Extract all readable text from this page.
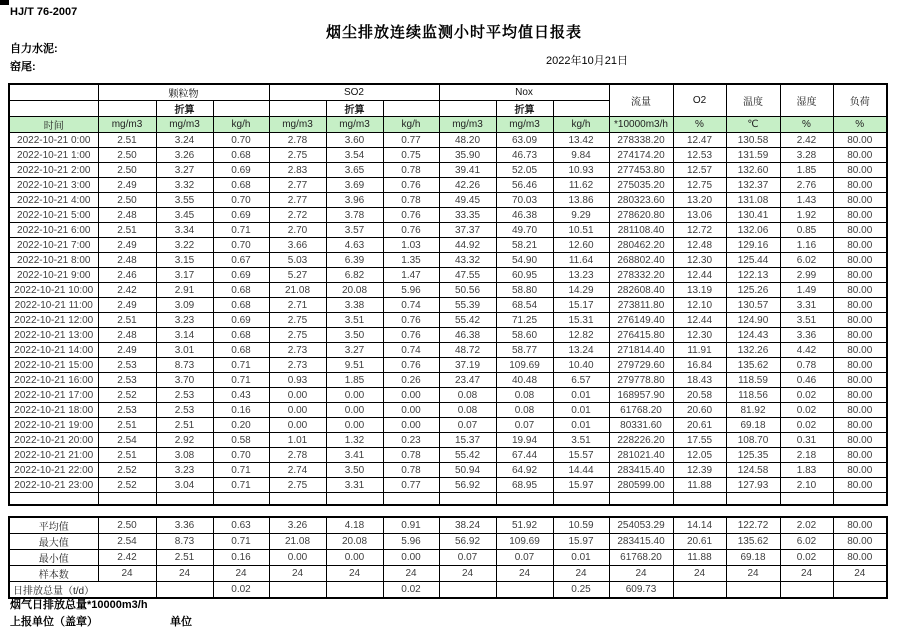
HJ/T 76-2007
烟尘排放连续监测小时平均值日报表
自力水泥:
窑尾:	2022年10月21日
	颗粒物			SO2			Nox			流量	O2	温度	湿度	负荷
		折算			折算			折算						
时间	mg/m3	mg/m3	kg/h	mg/m3	mg/m3	kg/h	mg/m3	mg/m3	kg/h	*10000m3/h	%	℃	%	%
2022-10-21 0:00	2.51	3.24	0.70	2.78	3.60	0.77	48.20	63.09	13.42	278338.20	12.47	130.58	2.42	80.00
2022-10-21 1:00	2.50	3.26	0.68	2.75	3.54	0.75	35.90	46.73	9.84	274174.20	12.53	131.59	3.28	80.00
2022-10-21 2:00	2.50	3.27	0.69	2.83	3.65	0.78	39.41	52.05	10.93	277453.80	12.57	132.60	1.85	80.00
2022-10-21 3:00	2.49	3.32	0.68	2.77	3.69	0.76	42.26	56.46	11.62	275035.20	12.75	132.37	2.76	80.00
2022-10-21 4:00	2.50	3.55	0.70	2.77	3.96	0.78	49.45	70.03	13.86	280323.60	13.20	131.08	1.43	80.00
2022-10-21 5:00	2.48	3.45	0.69	2.72	3.78	0.76	33.35	46.38	9.29	278620.80	13.06	130.41	1.92	80.00
2022-10-21 6:00	2.51	3.34	0.71	2.70	3.57	0.76	37.37	49.70	10.51	281108.40	12.72	132.06	0.85	80.00
2022-10-21 7:00	2.49	3.22	0.70	3.66	4.63	1.03	44.92	58.21	12.60	280462.20	12.48	129.16	1.16	80.00
2022-10-21 8:00	2.48	3.15	0.67	5.03	6.39	1.35	43.32	54.90	11.64	268802.40	12.30	125.44	6.02	80.00
2022-10-21 9:00	2.46	3.17	0.69	5.27	6.82	1.47	47.55	60.95	13.23	278332.20	12.44	122.13	2.99	80.00
2022-10-21 10:00	2.42	2.91	0.68	21.08	20.08	5.96	50.56	58.80	14.29	282608.40	13.19	125.26	1.49	80.00
2022-10-21 11:00	2.49	3.09	0.68	2.71	3.38	0.74	55.39	68.54	15.17	273811.80	12.10	130.57	3.31	80.00
2022-10-21 12:00	2.51	3.23	0.69	2.75	3.51	0.76	55.42	71.25	15.31	276149.40	12.44	124.90	3.51	80.00
2022-10-21 13:00	2.48	3.14	0.68	2.75	3.50	0.76	46.38	58.60	12.82	276415.80	12.30	124.43	3.36	80.00
2022-10-21 14:00	2.49	3.01	0.68	2.73	3.27	0.74	48.72	58.77	13.24	271814.40	11.91	132.26	4.42	80.00
2022-10-21 15:00	2.53	8.73	0.71	2.73	9.51	0.76	37.19	109.69	10.40	279729.60	16.84	135.62	0.78	80.00
2022-10-21 16:00	2.53	3.70	0.71	0.93	1.85	0.26	23.47	40.48	6.57	279778.80	18.43	118.59	0.46	80.00
2022-10-21 17:00	2.52	2.53	0.43	0.00	0.00	0.00	0.08	0.08	0.01	168957.90	20.58	118.56	0.02	80.00
2022-10-21 18:00	2.53	2.53	0.16	0.00	0.00	0.00	0.08	0.08	0.01	61768.20	20.60	81.92	0.02	80.00
2022-10-21 19:00	2.51	2.51	0.20	0.00	0.00	0.00	0.07	0.07	0.01	80331.60	20.61	69.18	0.02	80.00
2022-10-21 20:00	2.54	2.92	0.58	1.01	1.32	0.23	15.37	19.94	3.51	228226.20	17.55	108.70	0.31	80.00
2022-10-21 21:00	2.51	3.08	0.70	2.78	3.41	0.78	55.42	67.44	15.57	281021.40	12.05	125.35	2.18	80.00
2022-10-21 22:00	2.52	3.23	0.71	2.74	3.50	0.78	50.94	64.92	14.44	283415.40	12.39	124.58	1.83	80.00
2022-10-21 23:00	2.52	3.04	0.71	2.75	3.31	0.77	56.92	68.95	15.97	280599.00	11.88	127.93	2.10	80.00

平均值	2.50	3.36	0.63	3.26	4.18	0.91	38.24	51.92	10.59	254053.29	14.14	122.72	2.02	80.00
最大值	2.54	8.73	0.71	21.08	20.08	5.96	56.92	109.69	15.97	283415.40	20.61	135.62	6.02	80.00
最小值	2.42	2.51	0.16	0.00	0.00	0.00	0.07	0.07	0.01	61768.20	11.88	69.18	0.02	80.00
样本数	24	24	24	24	24	24	24	24	24	24	24	24	24	24
日排放总量（t/d）			0.02			0.02			0.25	609.73				
烟气日排放总量*10000m3/h
上报单位（盖章）	单位
